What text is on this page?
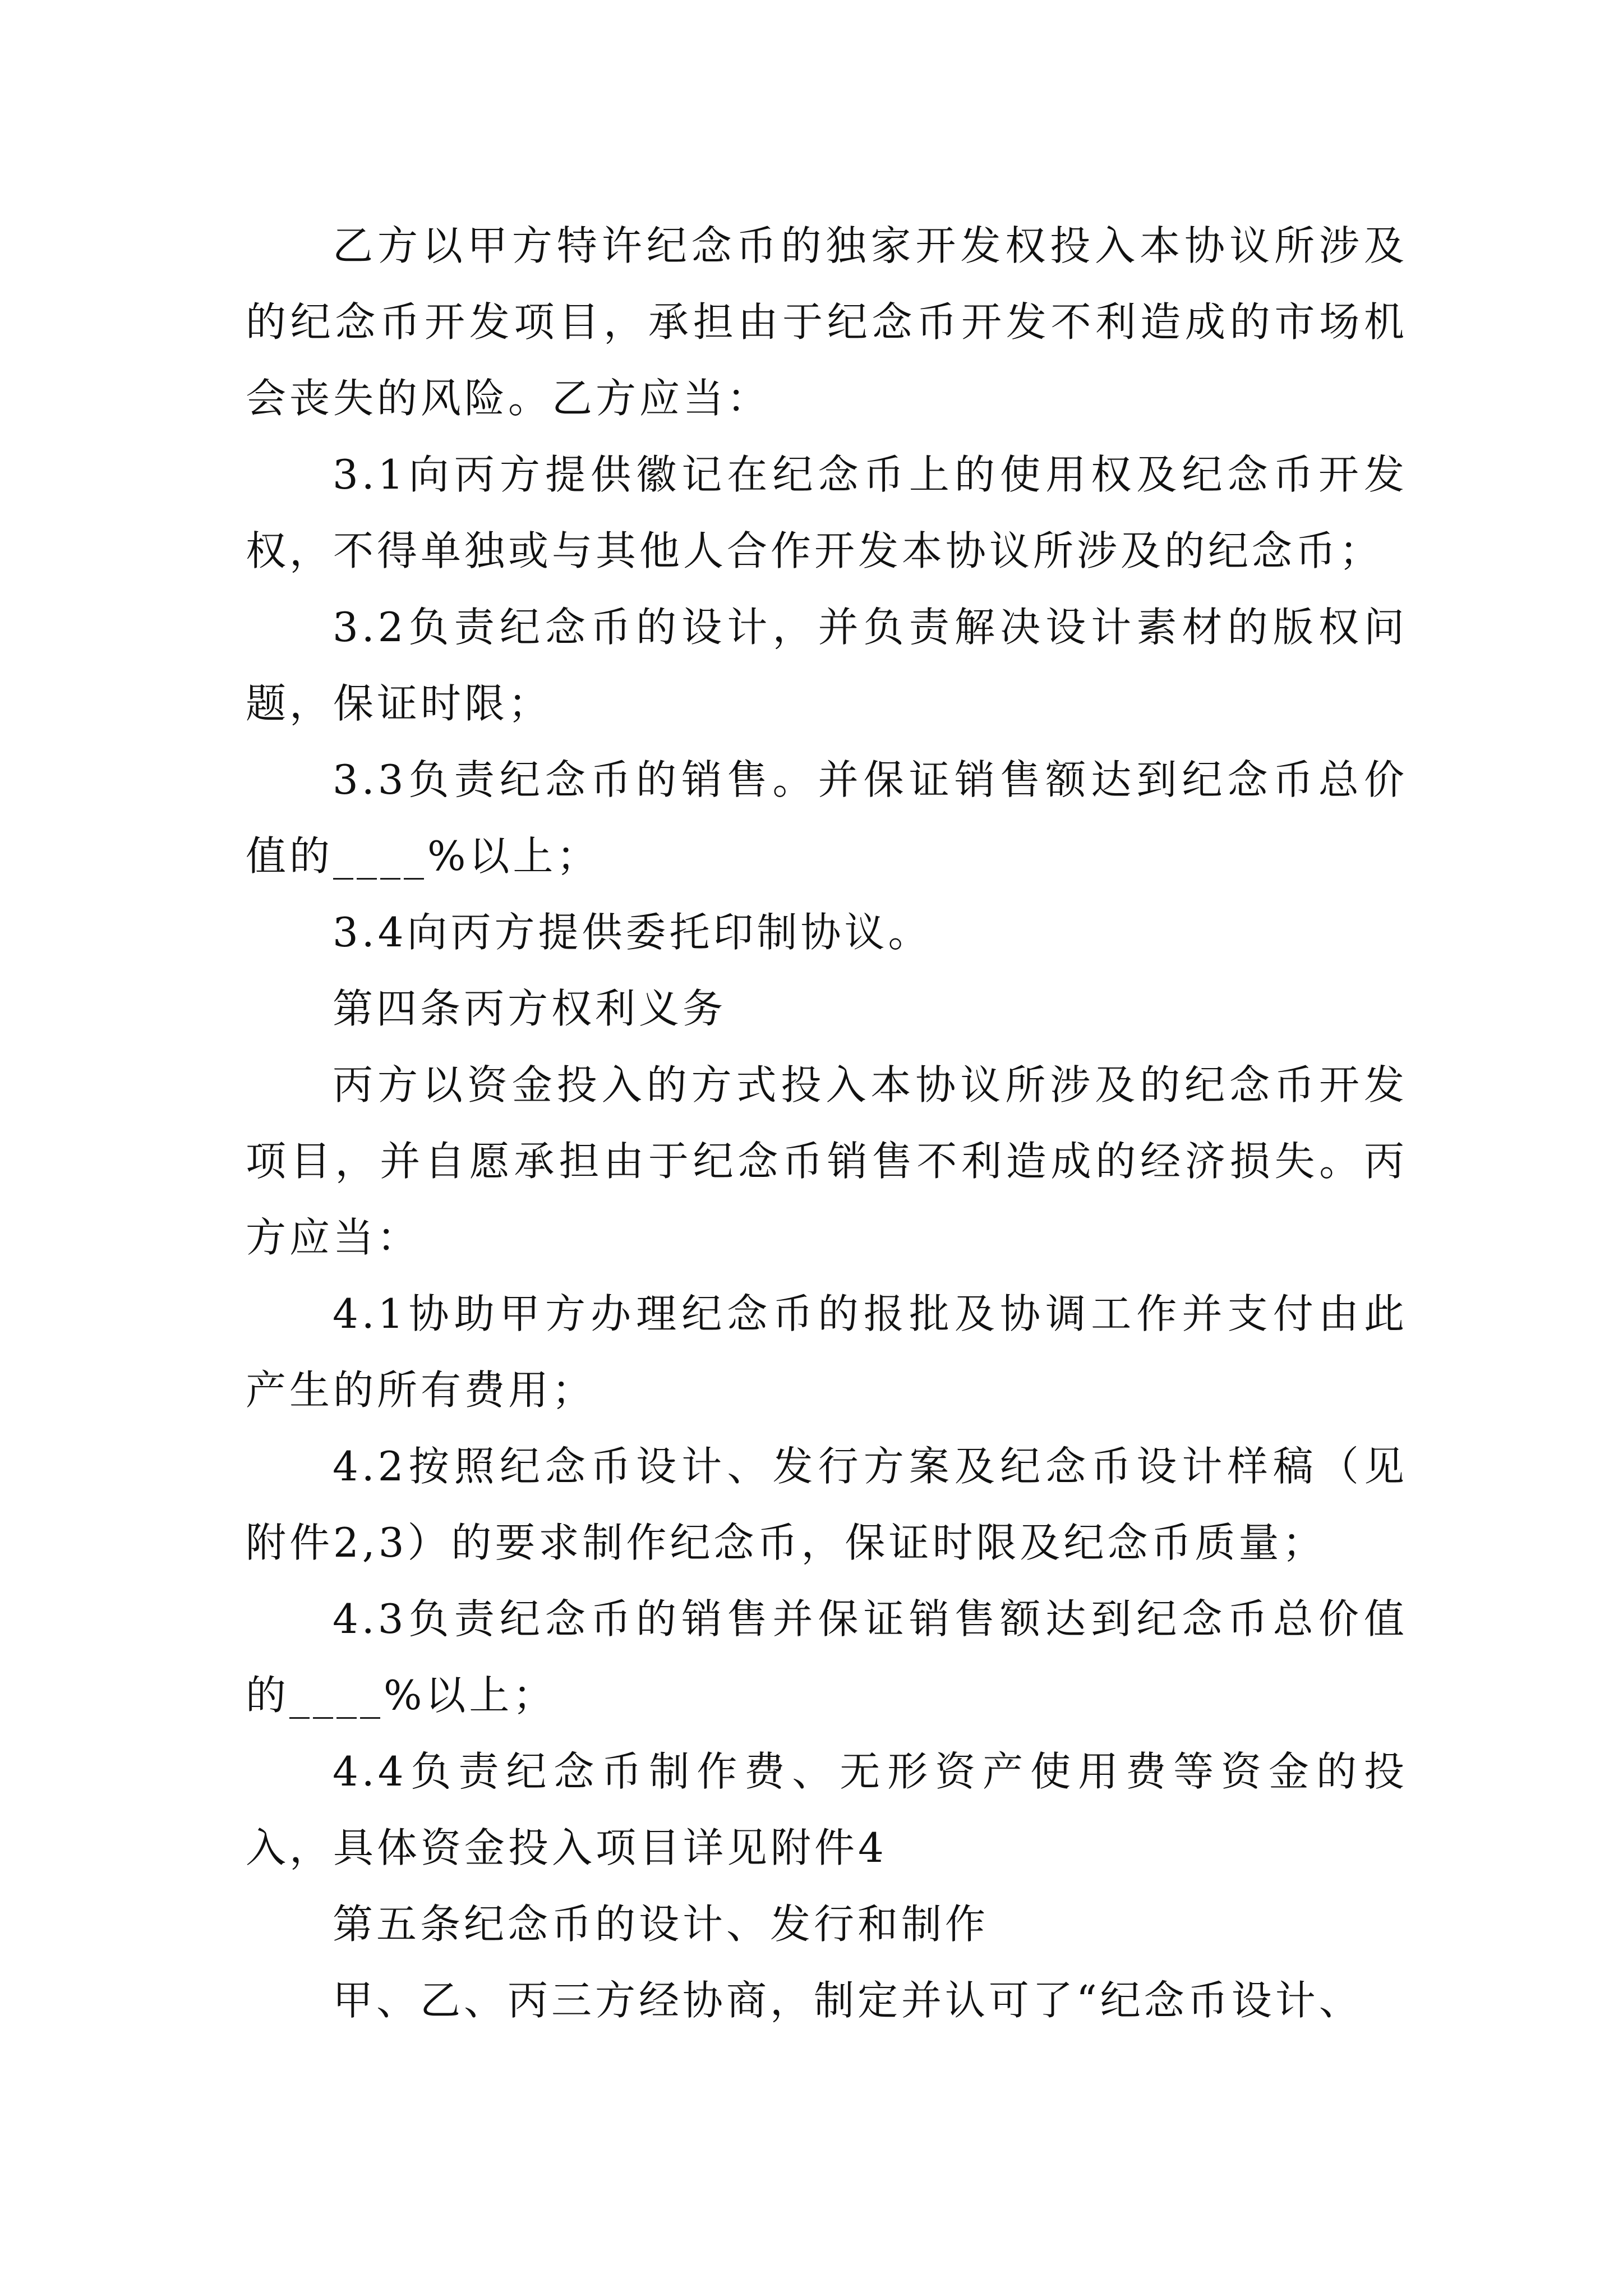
乙方以甲方特许纪念币的独家开发权投入本协议所涉及的纪念币开发项目，承担由于纪念币开发不利造成的市场机会丧失的风险。乙方应当：

3.1向丙方提供徽记在纪念币上的使用权及纪念币开发权，不得单独或与其他人合作开发本协议所涉及的纪念币；

3.2负责纪念币的设计，并负责解决设计素材的版权问题，保证时限；

3.3负责纪念币的销售。并保证销售额达到纪念币总价值的____%以上；

3.4向丙方提供委托印制协议。

第四条丙方权利义务

丙方以资金投入的方式投入本协议所涉及的纪念币开发项目，并自愿承担由于纪念币销售不利造成的经济损失。丙方应当：

4.1协助甲方办理纪念币的报批及协调工作并支付由此产生的所有费用；

4.2按照纪念币设计、发行方案及纪念币设计样稿（见附件2,3）的要求制作纪念币，保证时限及纪念币质量；

4.3负责纪念币的销售并保证销售额达到纪念币总价值的____%以上；

4.4负责纪念币制作费、无形资产使用费等资金的投入，具体资金投入项目详见附件4

第五条纪念币的设计、发行和制作

甲、乙、丙三方经协商，制定并认可了“纪念币设计、
